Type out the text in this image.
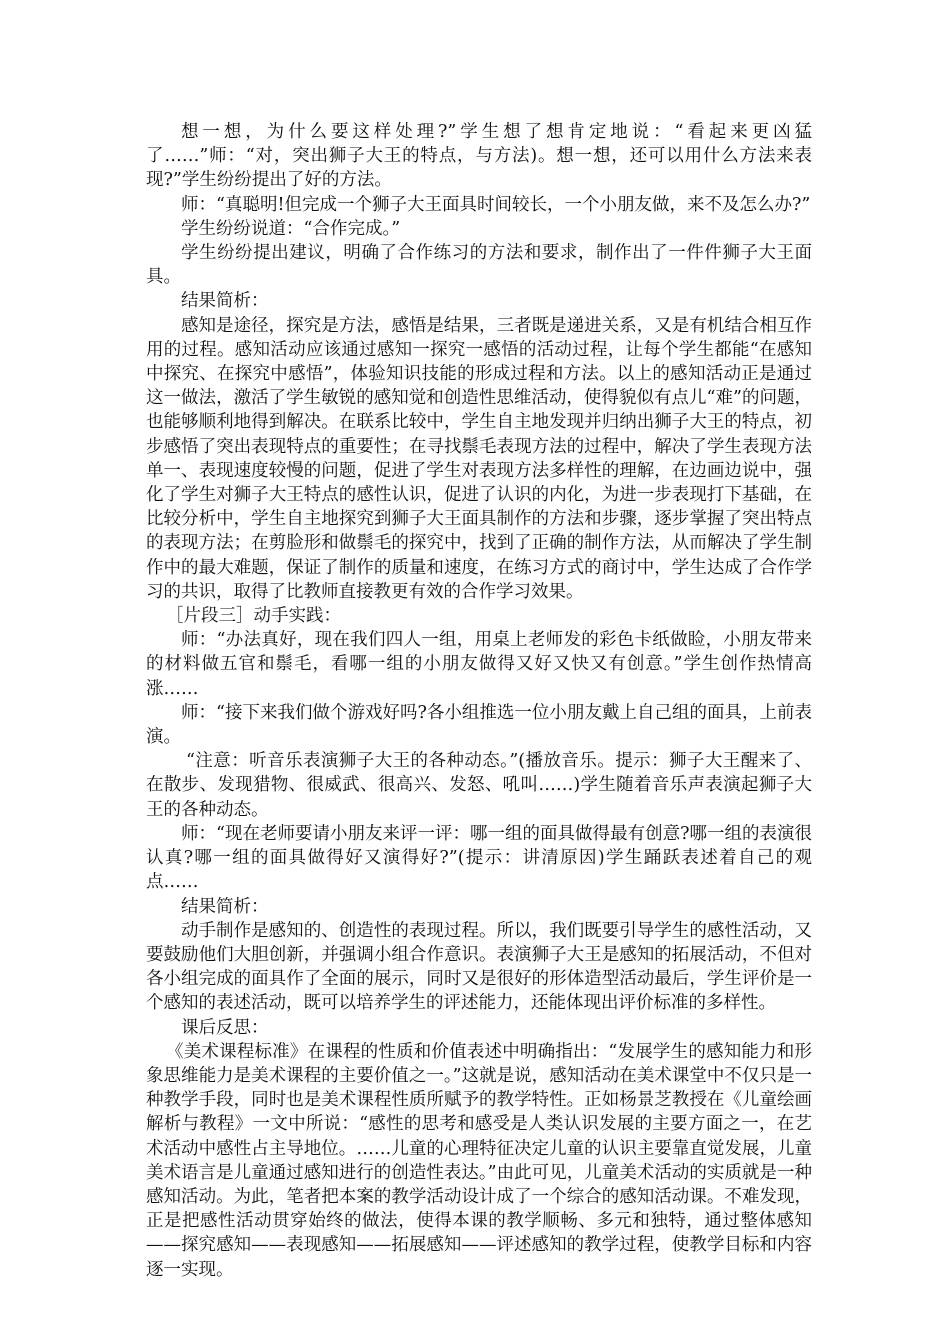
想一想，为什么要这样处理?”学生想了想肯定地说：“看起来更凶猛了……”师：“对，突出狮子大王的特点，与方法)。想一想，还可以用什么方法来表现?”学生纷纷提出了好的方法。

师：“真聪明!但完成一个狮子大王面具时间较长，一个小朋友做，来不及怎么办?”

学生纷纷说道：“合作完成。”

学生纷纷提出建议，明确了合作练习的方法和要求，制作出了一件件狮子大王面具。

结果简析：

感知是途径，探究是方法，感悟是结果，三者既是递进关系，又是有机结合相互作用的过程。感知活动应该通过感知一探究一感悟的活动过程，让每个学生都能“在感知中探究、在探究中感悟”，体验知识技能的形成过程和方法。以上的感知活动正是通过这一做法，激活了学生敏锐的感知觉和创造性思维活动，使得貌似有点儿“难”的问题，也能够顺利地得到解决。在联系比较中，学生自主地发现并归纳出狮子大王的特点，初步感悟了突出表现特点的重要性；在寻找鬃毛表现方法的过程中，解决了学生表现方法单一、表现速度较慢的问题，促进了学生对表现方法多样性的理解，在边画边说中，强化了学生对狮子大王特点的感性认识，促进了认识的内化，为进一步表现打下基础，在比较分析中，学生自主地探究到狮子大王面具制作的方法和步骤，逐步掌握了突出特点的表现方法；在剪脸形和做鬃毛的探究中，找到了正确的制作方法，从而解决了学生制作中的最大难题，保证了制作的质量和速度，在练习方式的商讨中，学生达成了合作学习的共识，取得了比教师直接教更有效的合作学习效果。

［片段三］动手实践：

师：“办法真好，现在我们四人一组，用桌上老师发的彩色卡纸做睑，小朋友带来的材料做五官和鬃毛，看哪一组的小朋友做得又好又快又有创意。”学生创作热情高涨……

师：“接下来我们做个游戏好吗?各小组推选一位小朋友戴上自己组的面具，上前表演。

“注意：听音乐表演狮子大王的各种动态。”(播放音乐。提示：狮子大王醒来了、在散步、发现猎物、很威武、很高兴、发怒、吼叫……)学生随着音乐声表演起狮子大王的各种动态。

师：“现在老师要请小朋友来评一评：哪一组的面具做得最有创意?哪一组的表演很认真?哪一组的面具做得好又演得好?”(提示：讲清原因)学生踊跃表述着自己的观点……

结果简析：

动手制作是感知的、创造性的表现过程。所以，我们既要引导学生的感性活动，又要鼓励他们大胆创新，并强调小组合作意识。表演狮子大王是感知的拓展活动，不但对各小组完成的面具作了全面的展示，同时又是很好的形体造型活动最后，学生评价是一个感知的表述活动，既可以培养学生的评述能力，还能体现出评价标准的多样性。

课后反思：

《美术课程标准》在课程的性质和价值表述中明确指出：“发展学生的感知能力和形象思维能力是美术课程的主要价值之一。”这就是说，感知活动在美术课堂中不仅只是一种教学手段，同时也是美术课程性质所赋予的教学特性。正如杨景芝教授在《儿童绘画解析与教程》一文中所说：“感性的思考和感受是人类认识发展的主要方面之一，在艺术活动中感性占主导地位。……儿童的心理特征决定儿童的认识主要靠直觉发展，儿童美术语言是儿童通过感知进行的创造性表达。”由此可见，儿童美术活动的实质就是一种感知活动。为此，笔者把本案的教学活动设计成了一个综合的感知活动课。不难发现，正是把感性活动贯穿始终的做法，使得本课的教学顺畅、多元和独特，通过整体感知——探究感知——表现感知——拓展感知——评述感知的教学过程，使教学目标和内容逐一实现。
